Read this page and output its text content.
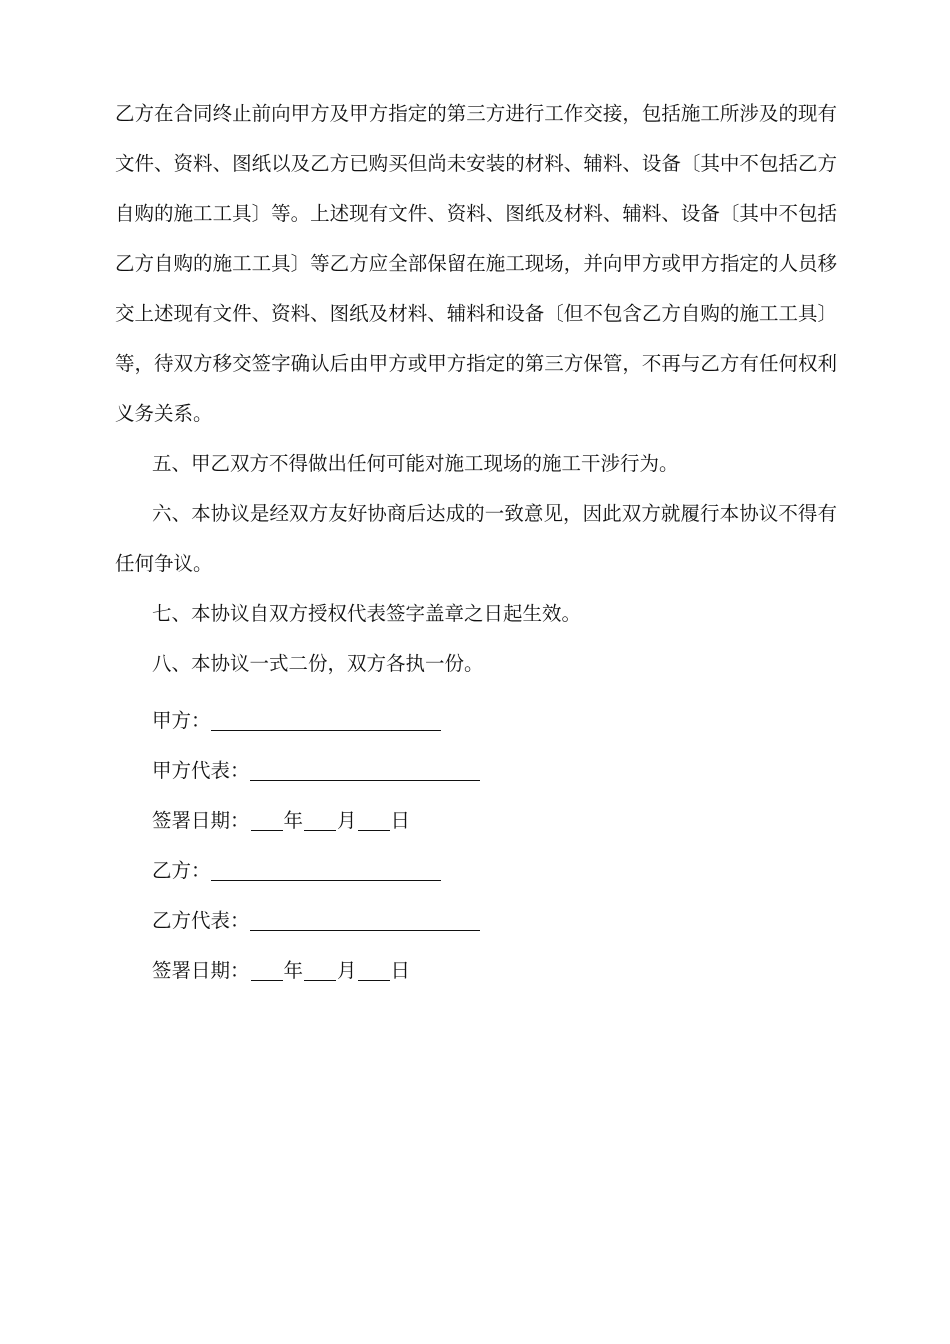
乙方在合同终止前向甲方及甲方指定的第三方进行工作交接，包括施工所涉及的现有
文件、资料、图纸以及乙方已购买但尚未安装的材料、辅料、设备〔其中不包括乙方
自购的施工工具〕等。上述现有文件、资料、图纸及材料、辅料、设备〔其中不包括
乙方自购的施工工具〕等乙方应全部保留在施工现场，并向甲方或甲方指定的人员移
交上述现有文件、资料、图纸及材料、辅料和设备〔但不包含乙方自购的施工工具〕
等，待双方移交签字确认后由甲方或甲方指定的第三方保管，不再与乙方有任何权利
义务关系。
五、甲乙双方不得做出任何可能对施工现场的施工干涉行为。
六、本协议是经双方友好协商后达成的一致意见，因此双方就履行本协议不得有
任何争议。
七、本协议自双方授权代表签字盖章之日起生效。
八、本协议一式二份，双方各执一份。
甲方：
甲方代表：
签署日期： 年 月 日
乙方：
乙方代表：
签署日期： 年 月 日
